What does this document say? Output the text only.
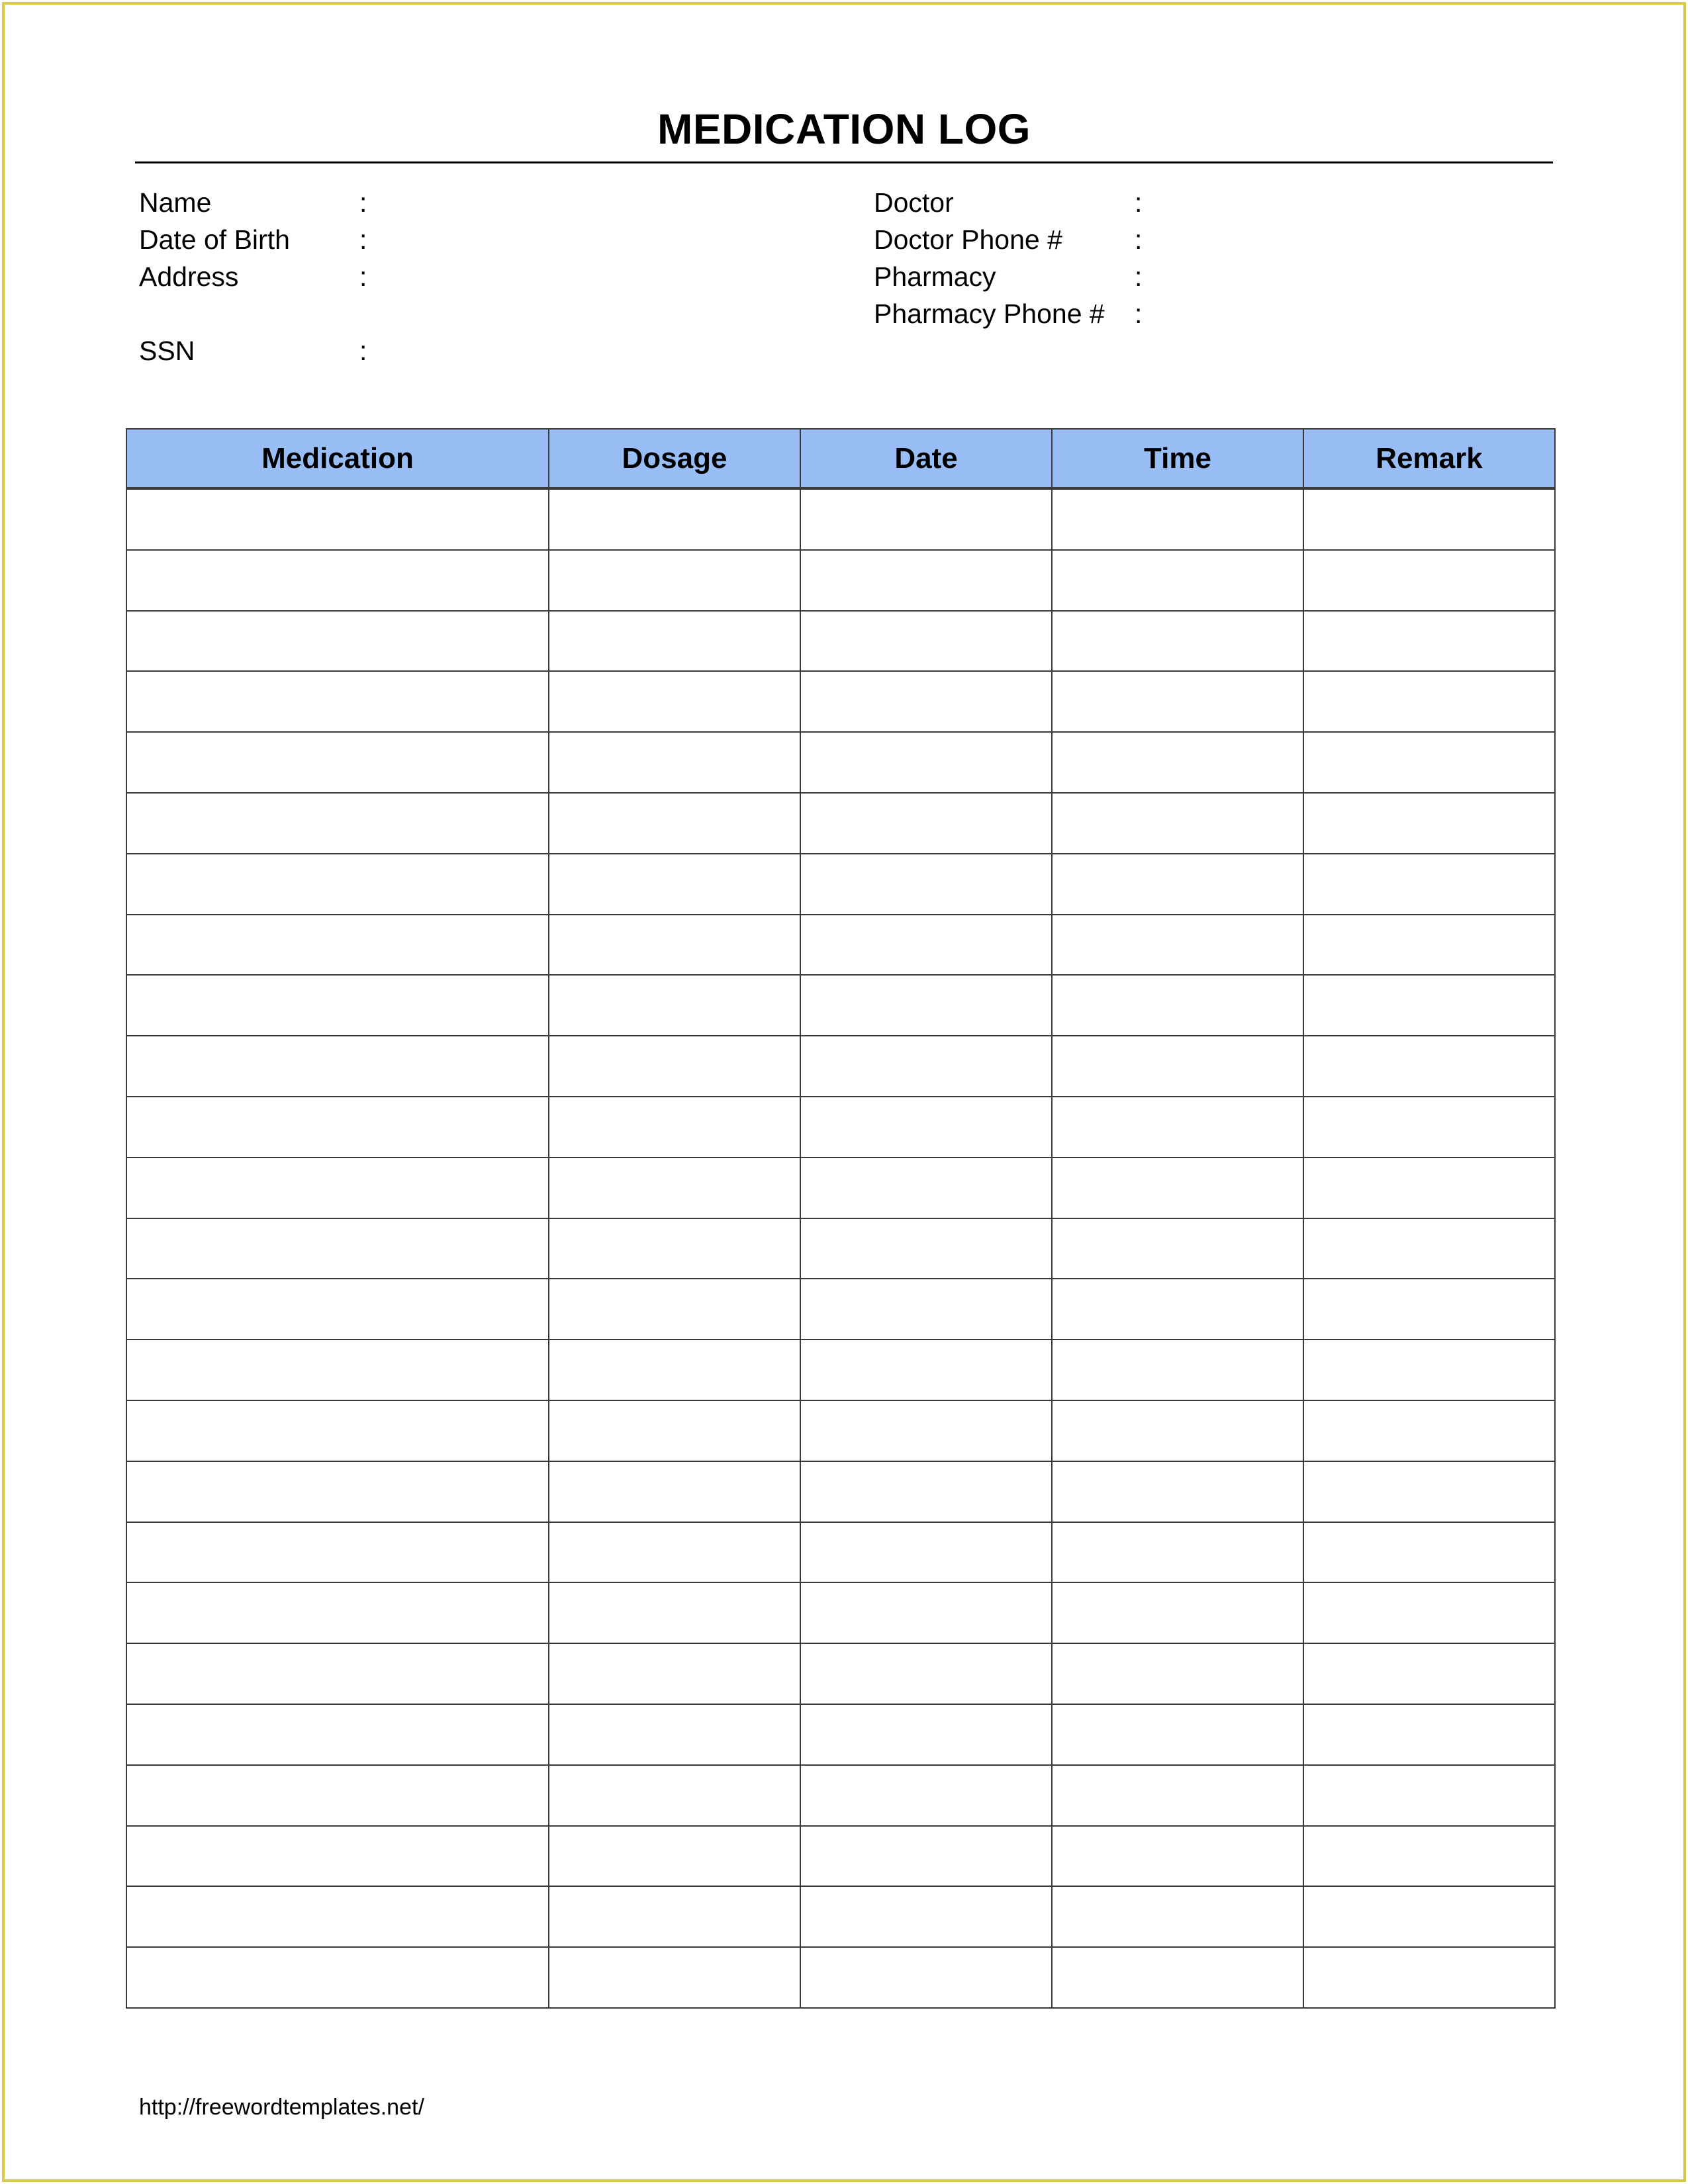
MEDICATION LOG
Name	:
Date of Birth	:
Address	:
SSN	:
Doctor	:
Doctor Phone #	:
Pharmacy	:
Pharmacy Phone # :
Medication	Dosage	Date	Time	Remark

http://freewordtemplates.net/
